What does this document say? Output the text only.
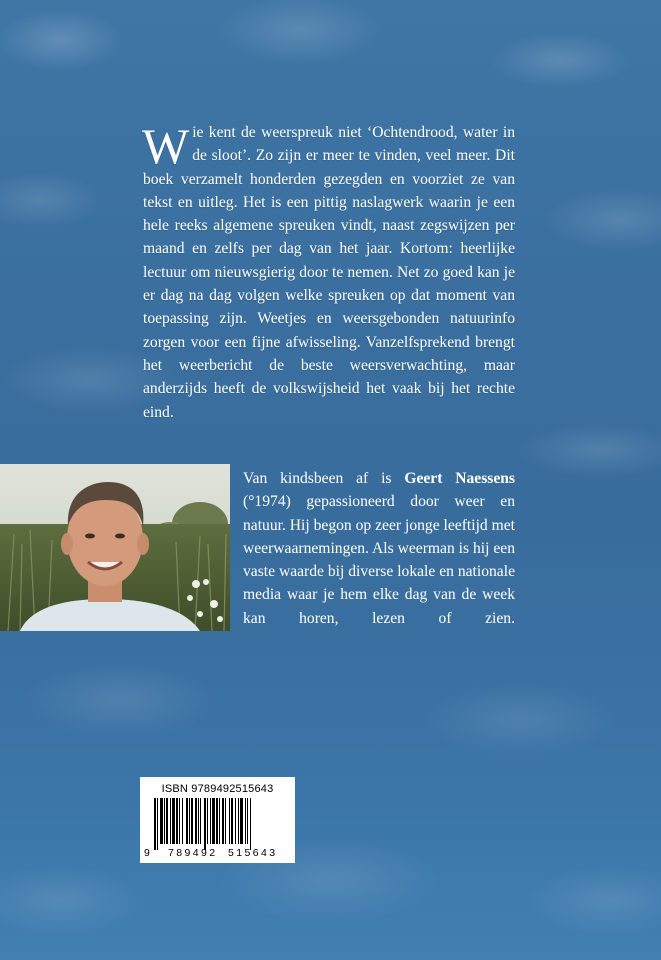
Wie kent de weerspreuk niet ‘Ochtendrood, water in de sloot’. Zo zijn er meer te vinden, veel meer. Dit boek verzamelt honderden gezegden en voorziet ze van tekst en uitleg. Het is een pittig naslagwerk waarin je een hele reeks algemene spreuken vindt, naast zegswijzen per maand en zelfs per dag van het jaar. Kortom: heerlijke lectuur om nieuwsgierig door te nemen. Net zo goed kan je er dag na dag volgen welke spreuken op dat moment van toepassing zijn. Weetjes en weersgebonden natuurinfo zorgen voor een fijne afwisseling. Vanzelfsprekend brengt het weerbericht de beste weersverwachting, maar anderzijds heeft de volkswijsheid het vaak bij het rechte eind.
Van kindsbeen af is Geert Naessens (°1974) gepassioneerd door weer en natuur. Hij begon op zeer jonge leeftijd met weerwaarnemingen. Als weerman is hij een vaste waarde bij diverse lokale en nationale media waar je hem elke dag van de week kan horen, lezen of zien.
ISBN 9789492515643
9 789492 515643
